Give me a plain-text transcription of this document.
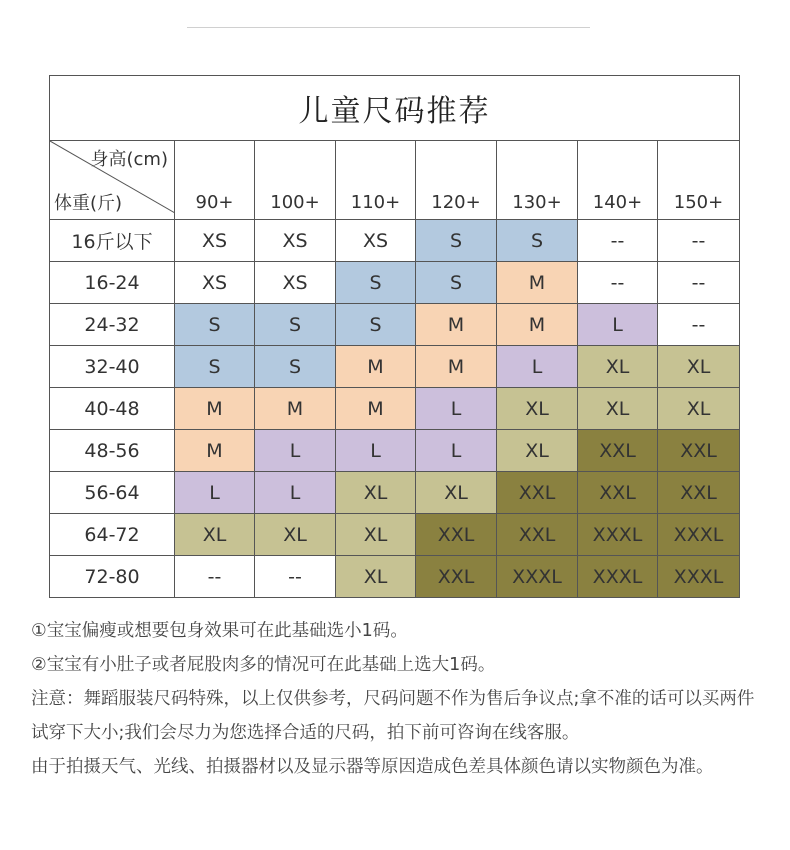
儿童尺码推荐							

身高(cm)
体重(斤)	90+	100+	110+	120+	130+	140+	150+
16斤以下	XS	XS	XS	S	S	--	--
16-24	XS	XS	S	S	M	--	--
24-32	S	S	S	M	M	L	--
32-40	S	S	M	M	L	XL	XL
40-48	M	M	M	L	XL	XL	XL
48-56	M	L	L	L	XL	XXL	XXL
56-64	L	L	XL	XL	XXL	XXL	XXL
64-72	XL	XL	XL	XXL	XXL	XXXL	XXXL
72-80	--	--	XL	XXL	XXXL	XXXL	XXXL

①宝宝偏瘦或想要包身效果可在此基础选小1码。

②宝宝有小肚子或者屁股肉多的情况可在此基础上选大1码。

注意：舞蹈服装尺码特殊，以上仅供参考，尺码问题不作为售后争议点;拿不准的话可以买两件试穿下大小;我们会尽力为您选择合适的尺码，拍下前可咨询在线客服。

由于拍摄天气、光线、拍摄器材以及显示器等原因造成色差具体颜色请以实物颜色为准。
